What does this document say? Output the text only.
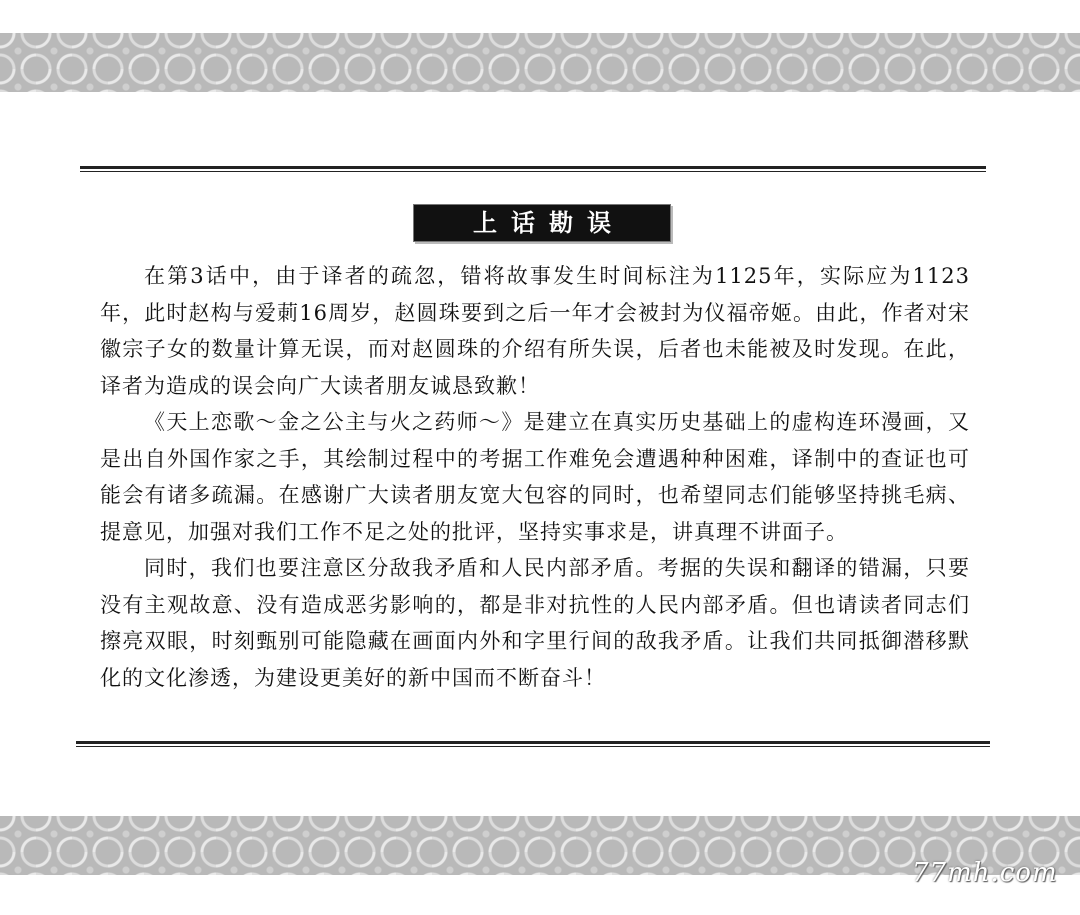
上话勘误

在第3话中，由于译者的疏忽，错将故事发生时间标注为1125年，实际应为1123年，此时赵构与爱莿16周岁，赵圆珠要到之后一年才会被封为仪福帝姬。由此，作者对宋徽宗子女的数量计算无误，而对赵圆珠的介绍有所失误，后者也未能被及时发现。在此，译者为造成的误会向广大读者朋友诚恳致歉！

《天上恋歌～金之公主与火之药师～》是建立在真实历史基础上的虚构连环漫画，又是出自外国作家之手，其绘制过程中的考据工作难免会遭遇种种困难，译制中的查证也可能会有诸多疏漏。在感谢广大读者朋友宽大包容的同时，也希望同志们能够坚持挑毛病、提意见，加强对我们工作不足之处的批评，坚持实事求是，讲真理不讲面子。

同时，我们也要注意区分敌我矛盾和人民内部矛盾。考据的失误和翻译的错漏，只要没有主观故意、没有造成恶劣影响的，都是非对抗性的人民内部矛盾。但也请读者同志们擦亮双眼，时刻甄别可能隐藏在画面内外和字里行间的敌我矛盾。让我们共同抵御潜移默化的文化渗透，为建设更美好的新中国而不断奋斗！

77mh.com
